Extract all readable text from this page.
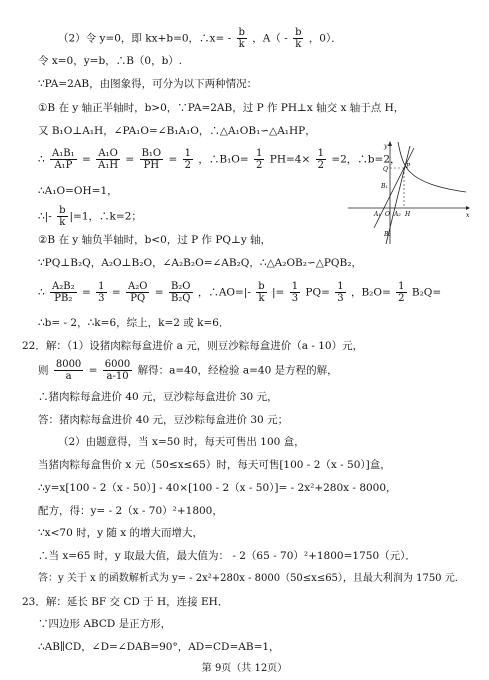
（2）令 y=0，即 kx+b=0，∴x= - $\frac{b}{k}$ ，$A( - \frac{b}{k}$ ，0）．
令 x=0，y=b，∴B（0，b）.
∵PA=2AB，由图象得，可分为以下两种情况：
①B 在 y 轴正半轴时，b>0，∵PA=2AB，过 P 作 PH⊥x 轴交 x 轴于点 H，
又 B₁O⊥A₁H，∠PA₁O=∠B₁A₁O，∴△A₁OB₁∽△A₁HP，
∴ $\frac{\text{A₁B₁}}{\text{A₁P}} = \frac{\text{A₁O}}{\text{A₁H}} = \frac{\text{B₁O}}{PH} = \frac{1}{2}$ ，∴B₁O= $\frac{1}{2} PH=4\times \frac{1}{2} =2$，∴b=2，
∴A₁O=OH=1，
∴|- $\frac{b}{k} |=1$，∴k=2；
②B 在 y 轴负半轴时，b<0，过 P 作 PQ⊥y 轴，
∵PQ⊥B₂Q，A₂O⊥B₂O，∠A₂B₂O=∠AB₂Q，∴△A₂OB₂∽△PQB₂，
∴ $\frac{\text{A₂B₂}}{\text{PB₂}} = \frac{1}{3} = \frac{\text{A₂O}}{PQ} = \frac{\text{B₂O}}{\text{B₂Q}}$ ，∴AO=|- $\frac{b}{k}$ |= $\frac{1}{3} PQ= \frac{1}{3}$ ，$B_2O= \frac{1}{2} B_2Q=$
∴b= - 2，∴k=6，综上，k=2 或 k=6．
22．解：（1）设猪肉粽每盒进价 a 元，则豆沙粽每盒进价（a - 10）元，
则 $\frac{8000}{a} = \frac{6000}{a-10}$ 解得：a=40，经检验 a=40 是方程的解，
∴猪肉粽每盒进价 40 元，豆沙粽每盒进价 30 元，
答：猪肉粽每盒进价 40 元，豆沙粽每盒进价 30 元；
（2）由题意得，当 x=50 时，每天可售出 100 盒，
当猪肉粽每盒售价 x 元（50≤x≤65）时，每天可售[100 - 2（x - 50）]盒，
∴y=x[100 - 2（x - 50）] - 40×[100 - 2（x - 50）]= - 2x²+280x - 8000，
配方，得：y= - 2（x - 70）²+1800，
∵x<70 时，y 随 x 的增大而增大，
∴当 x=65 时，y 取最大值，最大值为： - 2（65 - 70）²+1800=1750（元）．
答：y 关于 x 的函数解析式为 y= - 2x²+280x - 8000（50≤x≤65），且最大利润为 1750 元．
23．解：延长 BF 交 CD 于 H，连接 EH．
∵四边形 ABCD 是正方形，
∴AB∥CD，∠D=∠DAB=90°，AD=CD=AB=1，
y
x
O	H
A₁ A₂
B₁
B₂
P
Q
第 9页（共 12页）
